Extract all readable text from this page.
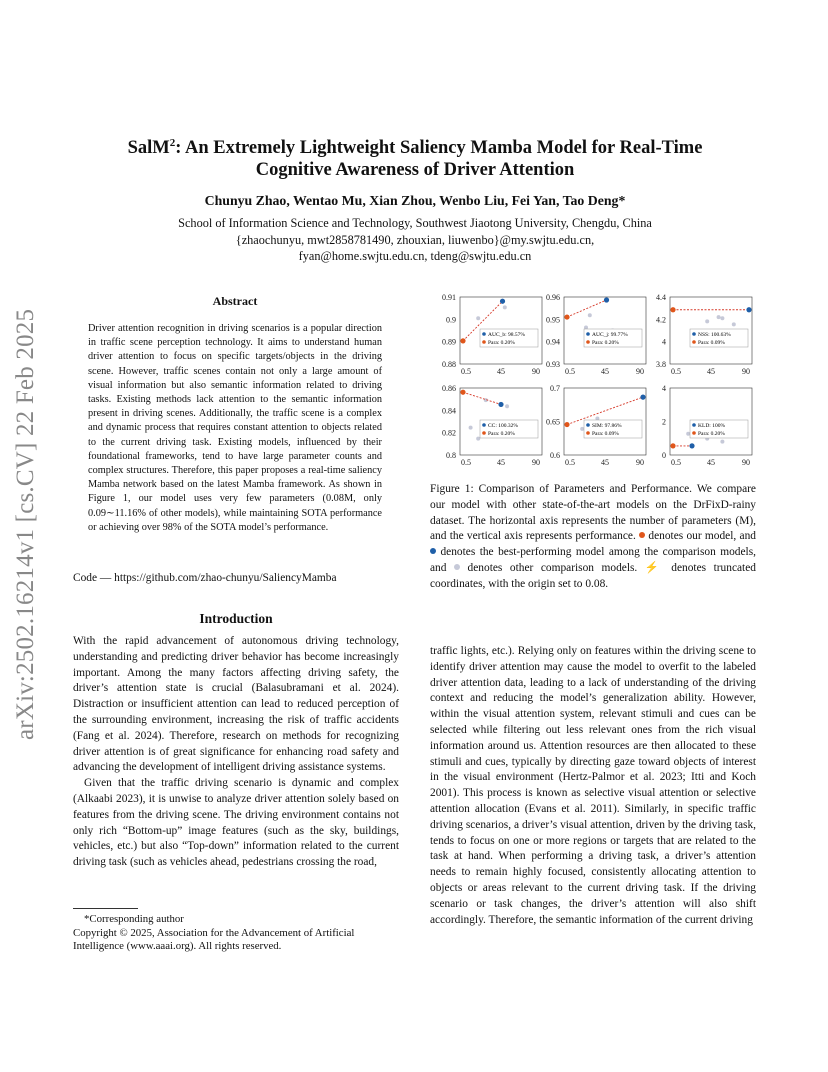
arXiv:2502.16214v1 [cs.CV] 22 Feb 2025
SalM$^2$: An Extremely Lightweight Saliency Mamba Model for Real-Time
Cognitive Awareness of Driver Attention
Chunyu Zhao, Wentao Mu, Xian Zhou, Wenbo Liu, Fei Yan, Tao Deng*
School of Information Science and Technology, Southwest Jiaotong University, Chengdu, China
{zhaochunyu, mwt2858781490, zhouxian, liuwenbo}@my.swjtu.edu.cn,
fyan@home.swjtu.edu.cn, tdeng@swjtu.edu.cn
Abstract
Driver attention recognition in driving scenarios is a popular direction in traffic scene perception technology. It aims to understand human driver attention to focus on specific targets/objects in the driving scene. However, traffic scenes contain not only a large amount of visual information but also semantic information related to driving tasks. Existing methods lack attention to the semantic information present in driving scenes. Additionally, the traffic scene is a complex and dynamic process that requires constant attention to objects related to the current driving task. Existing models, influenced by their foundational frameworks, tend to have large parameter counts and complex structures. Therefore, this paper proposes a real-time saliency Mamba network based on the latest Mamba framework. As shown in Figure 1, our model uses very few parameters (0.08M, only 0.09∼11.16% of other models), while maintaining SOTA performance or achieving over 98% of the SOTA model’s performance.
Code — https://github.com/zhao-chunyu/SaliencyMamba
Introduction

With the rapid advancement of autonomous driving technology, understanding and predicting driver behavior has become increasingly important. Among the many factors affecting driving safety, the driver’s attention state is crucial (Balasubramani et al. 2024). Distraction or insufficient attention can lead to reduced perception of the surrounding environment, increasing the risk of traffic accidents (Fang et al. 2024). Therefore, research on methods for recognizing driver attention is of great significance for enhancing road safety and advancing the development of intelligent driving assistance systems.

Given that the traffic driving scenario is dynamic and complex (Alkaabi 2023), it is unwise to analyze driver attention solely based on features from the driving scene. The driving environment contains not only rich “Bottom-up” image features (such as the sky, buildings, vehicles, etc.) but also “Top-down” information related to the current driving task (such as vehicles ahead, pedestrians crossing the road,

*Corresponding author
Copyright © 2025, Association for the Advancement of Artificial Intelligence (www.aaai.org). All rights reserved.

traffic lights, etc.). Relying only on features within the driving scene to identify driver attention may cause the model to overfit to the labeled driver attention data, leading to a lack of understanding of the driving context and reducing the model’s generalization ability. However, within the visual attention system, relevant stimuli and cues can be selected while filtering out less relevant ones from the rich visual information around us. Attention resources are then allocated to these stimuli and cues, typically by directing gaze toward objects of interest in the visual environment (Hertz-Palmor et al. 2023; Itti and Koch 2001). This process is known as selective visual attention or selective attention allocation (Evans et al. 2011). Similarly, in specific traffic driving scenarios, a driver’s visual attention, driven by the driving task, tends to focus on one or more regions or targets that are related to the task at hand. When performing a driving task, a driver’s attention needs to remain highly focused, consistently allocating attention to objects or areas relevant to the current driving task. If the driving scenario or task changes, the driver’s attention will also shift accordingly. Therefore, the semantic information of the current driving

0.91
0.9
0.89
0.88
0.5	45	90
AUC_b: 98.57%
Para: 0.20%
0.96
0.95
0.94
0.93
0.5	45	90
AUC_j: 99.77%
Para: 0.20%
4.4
4.2
4
3.8
0.5	45	90
NSS: 100.63%
Para: 0.09%
0.86
0.84
0.82
0.8
0.5	45	90
CC: 100.32%
Para: 0.20%
0.7
0.65
0.6
0.5	45	90
SIM: 97.86%
Para: 0.09%
4
2
0
0.5	45	90
KLD: 100%
Para: 0.20%
Figure 1: Comparison of Parameters and Performance. We compare our model with other state-of-the-art models on the DrFixD-rainy dataset. The horizontal axis represents the number of parameters (M), and the vertical axis represents performance. denotes our model, and  denotes the best-performing model among the comparison models, and denotes other comparison models. ⚡ denotes truncated coordinates, with the origin set to 0.08.
